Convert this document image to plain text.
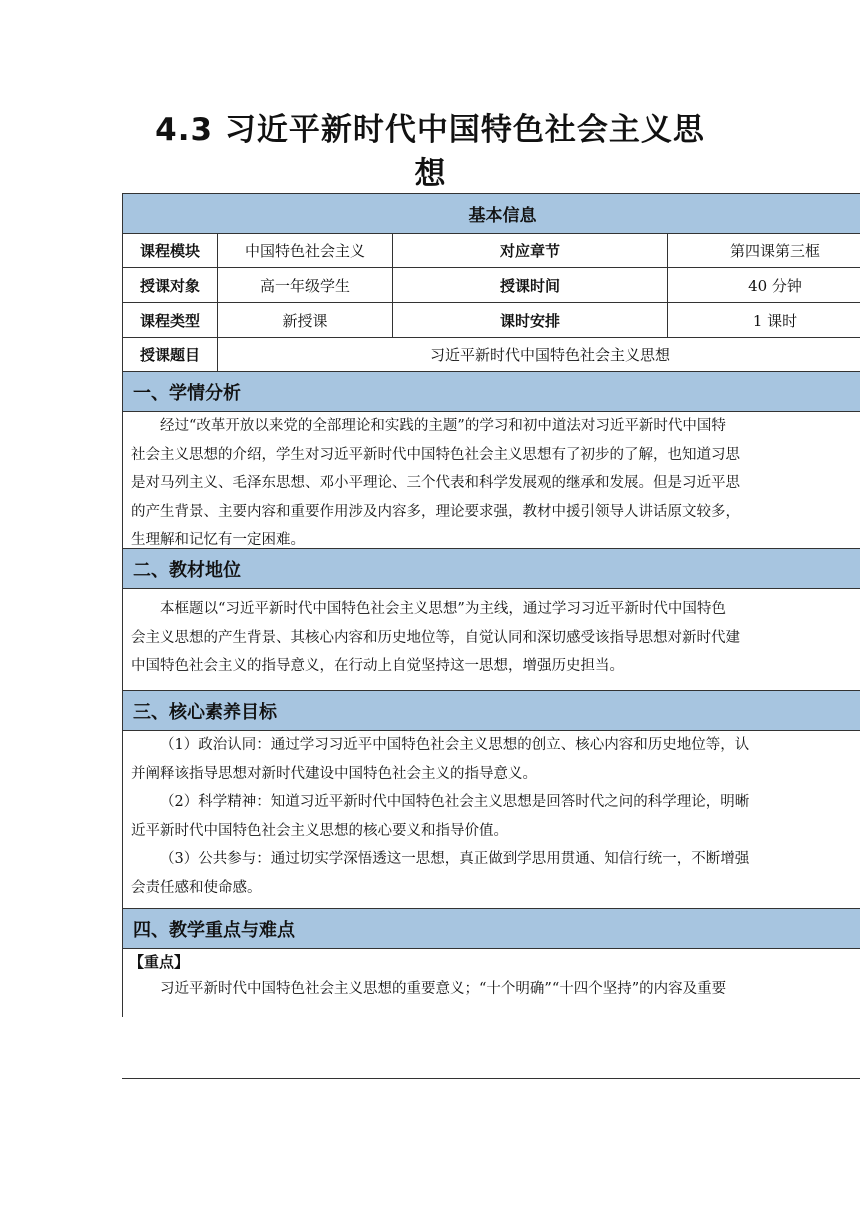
4.3 习近平新时代中国特色社会主义思
想
基本信息
课程模块	中国特色社会主义	对应章节	第四课第三框
授课对象	高一年级学生	授课时间	40 分钟
课程类型	新授课	课时安排	1 课时
授课题目	习近平新时代中国特色社会主义思想
一、学情分析
经过“改革开放以来党的全部理论和实践的主题”的学习和初中道法对习近平新时代中国特
社会主义思想的介绍，学生对习近平新时代中国特色社会主义思想有了初步的了解，也知道习思
是对马列主义、毛泽东思想、邓小平理论、三个代表和科学发展观的继承和发展。但是习近平思
的产生背景、主要内容和重要作用涉及内容多，理论要求强，教材中援引领导人讲话原文较多，
生理解和记忆有一定困难。
二、教材地位
本框题以“习近平新时代中国特色社会主义思想”为主线，通过学习习近平新时代中国特色
会主义思想的产生背景、其核心内容和历史地位等，自觉认同和深切感受该指导思想对新时代建
中国特色社会主义的指导意义，在行动上自觉坚持这一思想，增强历史担当。
三、核心素养目标
（1）政治认同：通过学习习近平中国特色社会主义思想的创立、核心内容和历史地位等，认
并阐释该指导思想对新时代建设中国特色社会主义的指导意义。
（2）科学精神：知道习近平新时代中国特色社会主义思想是回答时代之问的科学理论，明晰
近平新时代中国特色社会主义思想的核心要义和指导价值。
（3）公共参与：通过切实学深悟透这一思想，真正做到学思用贯通、知信行统一，不断增强
会责任感和使命感。
四、教学重点与难点
【重点】
习近平新时代中国特色社会主义思想的重要意义；“十个明确”“十四个坚持”的内容及重要
